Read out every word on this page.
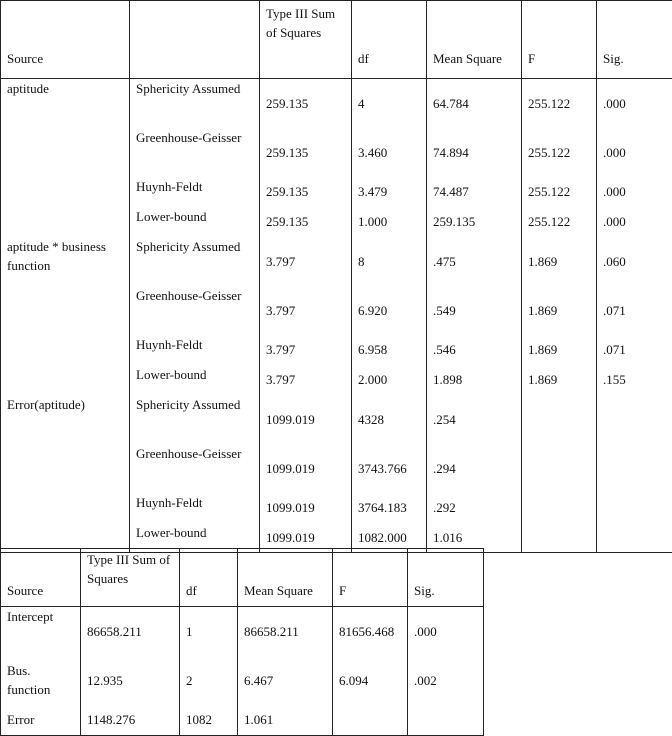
Source		Type III Sum of Squares	df	Mean Square	F	Sig.
aptitude	Sphericity Assumed	259.135	4	64.784	255.122	.000
	Greenhouse-Geisser	259.135	3.460	74.894	255.122	.000
	Huynh-Feldt	259.135	3.479	74.487	255.122	.000
	Lower-bound	259.135	1.000	259.135	255.122	.000
aptitude * business function	Sphericity Assumed	3.797	8	.475	1.869	.060
	Greenhouse-Geisser	3.797	6.920	.549	1.869	.071
	Huynh-Feldt	3.797	6.958	.546	1.869	.071
	Lower-bound	3.797	2.000	1.898	1.869	.155
Error(aptitude)	Sphericity Assumed	1099.019	4328	.254		
	Greenhouse-Geisser	1099.019	3743.766	.294		
	Huynh-Feldt	1099.019	3764.183	.292		
	Lower-bound	1099.019	1082.000	1.016		
Source	Type III Sum of Squares	df	Mean Square	F	Sig.
Intercept	86658.211	1	86658.211	81656.468	.000
Bus. function	12.935	2	6.467	6.094	.002
Error	1148.276	1082	1.061		
